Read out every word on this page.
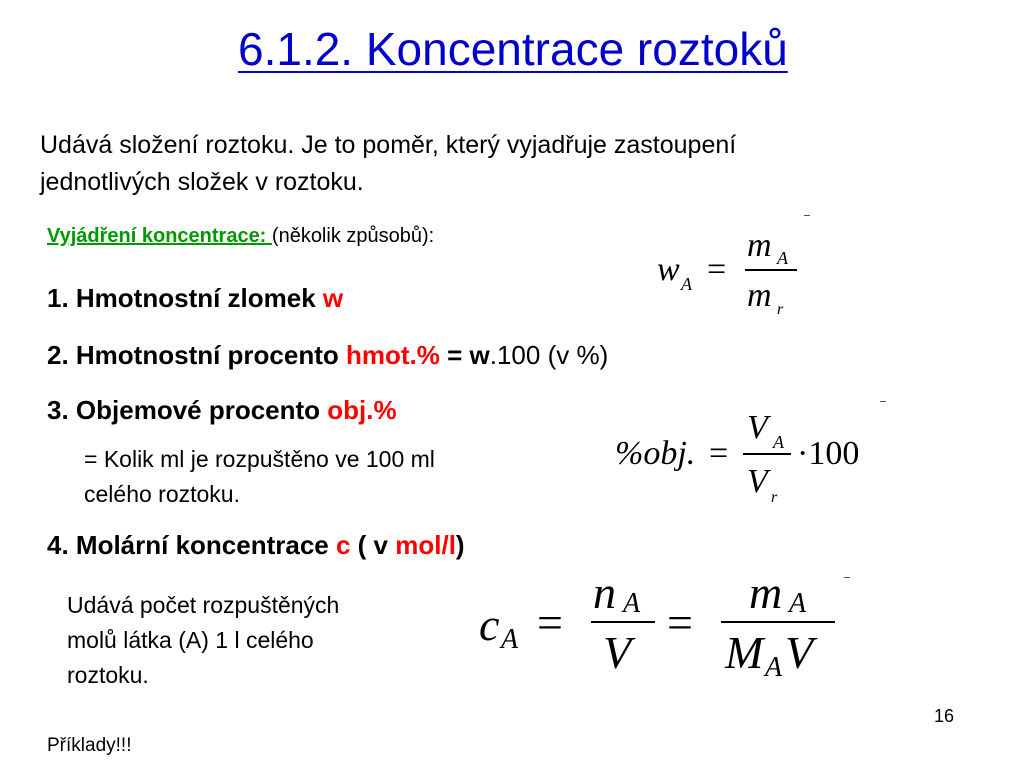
6.1.2. Koncentrace roztoků
Udává složení roztoku. Je to poměr, který vyjadřuje zastoupení
jednotlivých složek v roztoku.
Vyjádření koncentrace: (několik způsobů):
1. Hmotnostní zlomek w
2. Hmotnostní procento hmot.% = w.100 (v %)
3. Objemové procento obj.%
= Kolik ml je rozpuštěno ve 100 ml
celého roztoku.
4. Molární koncentrace c ( v mol/l)
Udává počet rozpuštěných
molů látka (A) 1 l celého
roztoku.
w A =
m A
m r
%obj. =
V A
V r
·100
c A =
n A
V
=
m A
M A V
16
Příklady!!!
